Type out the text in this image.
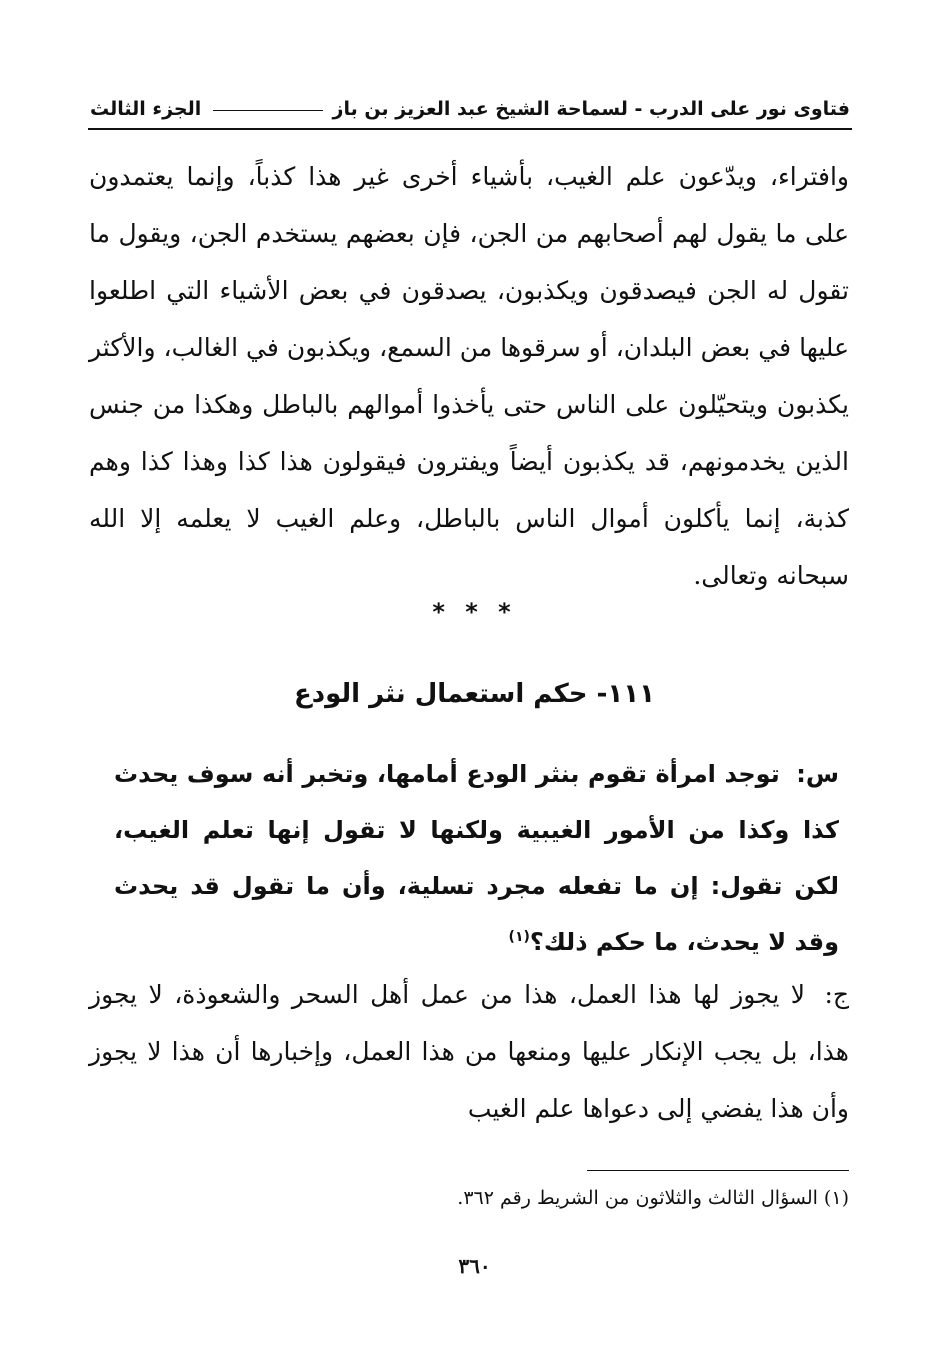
فتاوى نور على الدرب - لسماحة الشيخ عبد العزيز بن باز
الجزء الثالث

وافتراء، ويدّعون علم الغيب، بأشياء أخرى غير هذا كذباً، وإنما يعتمدون على ما يقول لهم أصحابهم من الجن، فإن بعضهم يستخدم الجن، ويقول ما تقول له الجن فيصدقون ويكذبون، يصدقون في بعض الأشياء التي اطلعوا عليها في بعض البلدان، أو سرقوها من السمع، ويكذبون في الغالب، والأكثر يكذبون ويتحيّلون على الناس حتى يأخذوا أموالهم بالباطل وهكذا من جنس الذين يخدمونهم، قد يكذبون أيضاً ويفترون فيقولون هذا كذا وهذا كذا وهم كذبة، إنما يأكلون أموال الناس بالباطل، وعلم الغيب لا يعلمه إلا الله سبحانه وتعالى.

* * *
١١١- حكم استعمال نثر الودع

س: توجد امرأة تقوم بنثر الودع أمامها، وتخبر أنه سوف يحدث كذا وكذا من الأمور الغيبية ولكنها لا تقول إنها تعلم الغيب، لكن تقول: إن ما تفعله مجرد تسلية، وأن ما تقول قد يحدث وقد لا يحدث، ما حكم ذلك؟$^{(١)}$

ج: لا يجوز لها هذا العمل، هذا من عمل أهل السحر والشعوذة، لا يجوز هذا، بل يجب الإنكار عليها ومنعها من هذا العمل، وإخبارها أن هذا لا يجوز وأن هذا يفضي إلى دعواها علم الغيب

(١) السؤال الثالث والثلاثون من الشريط رقم ٣٦٢.

٣٦٠
